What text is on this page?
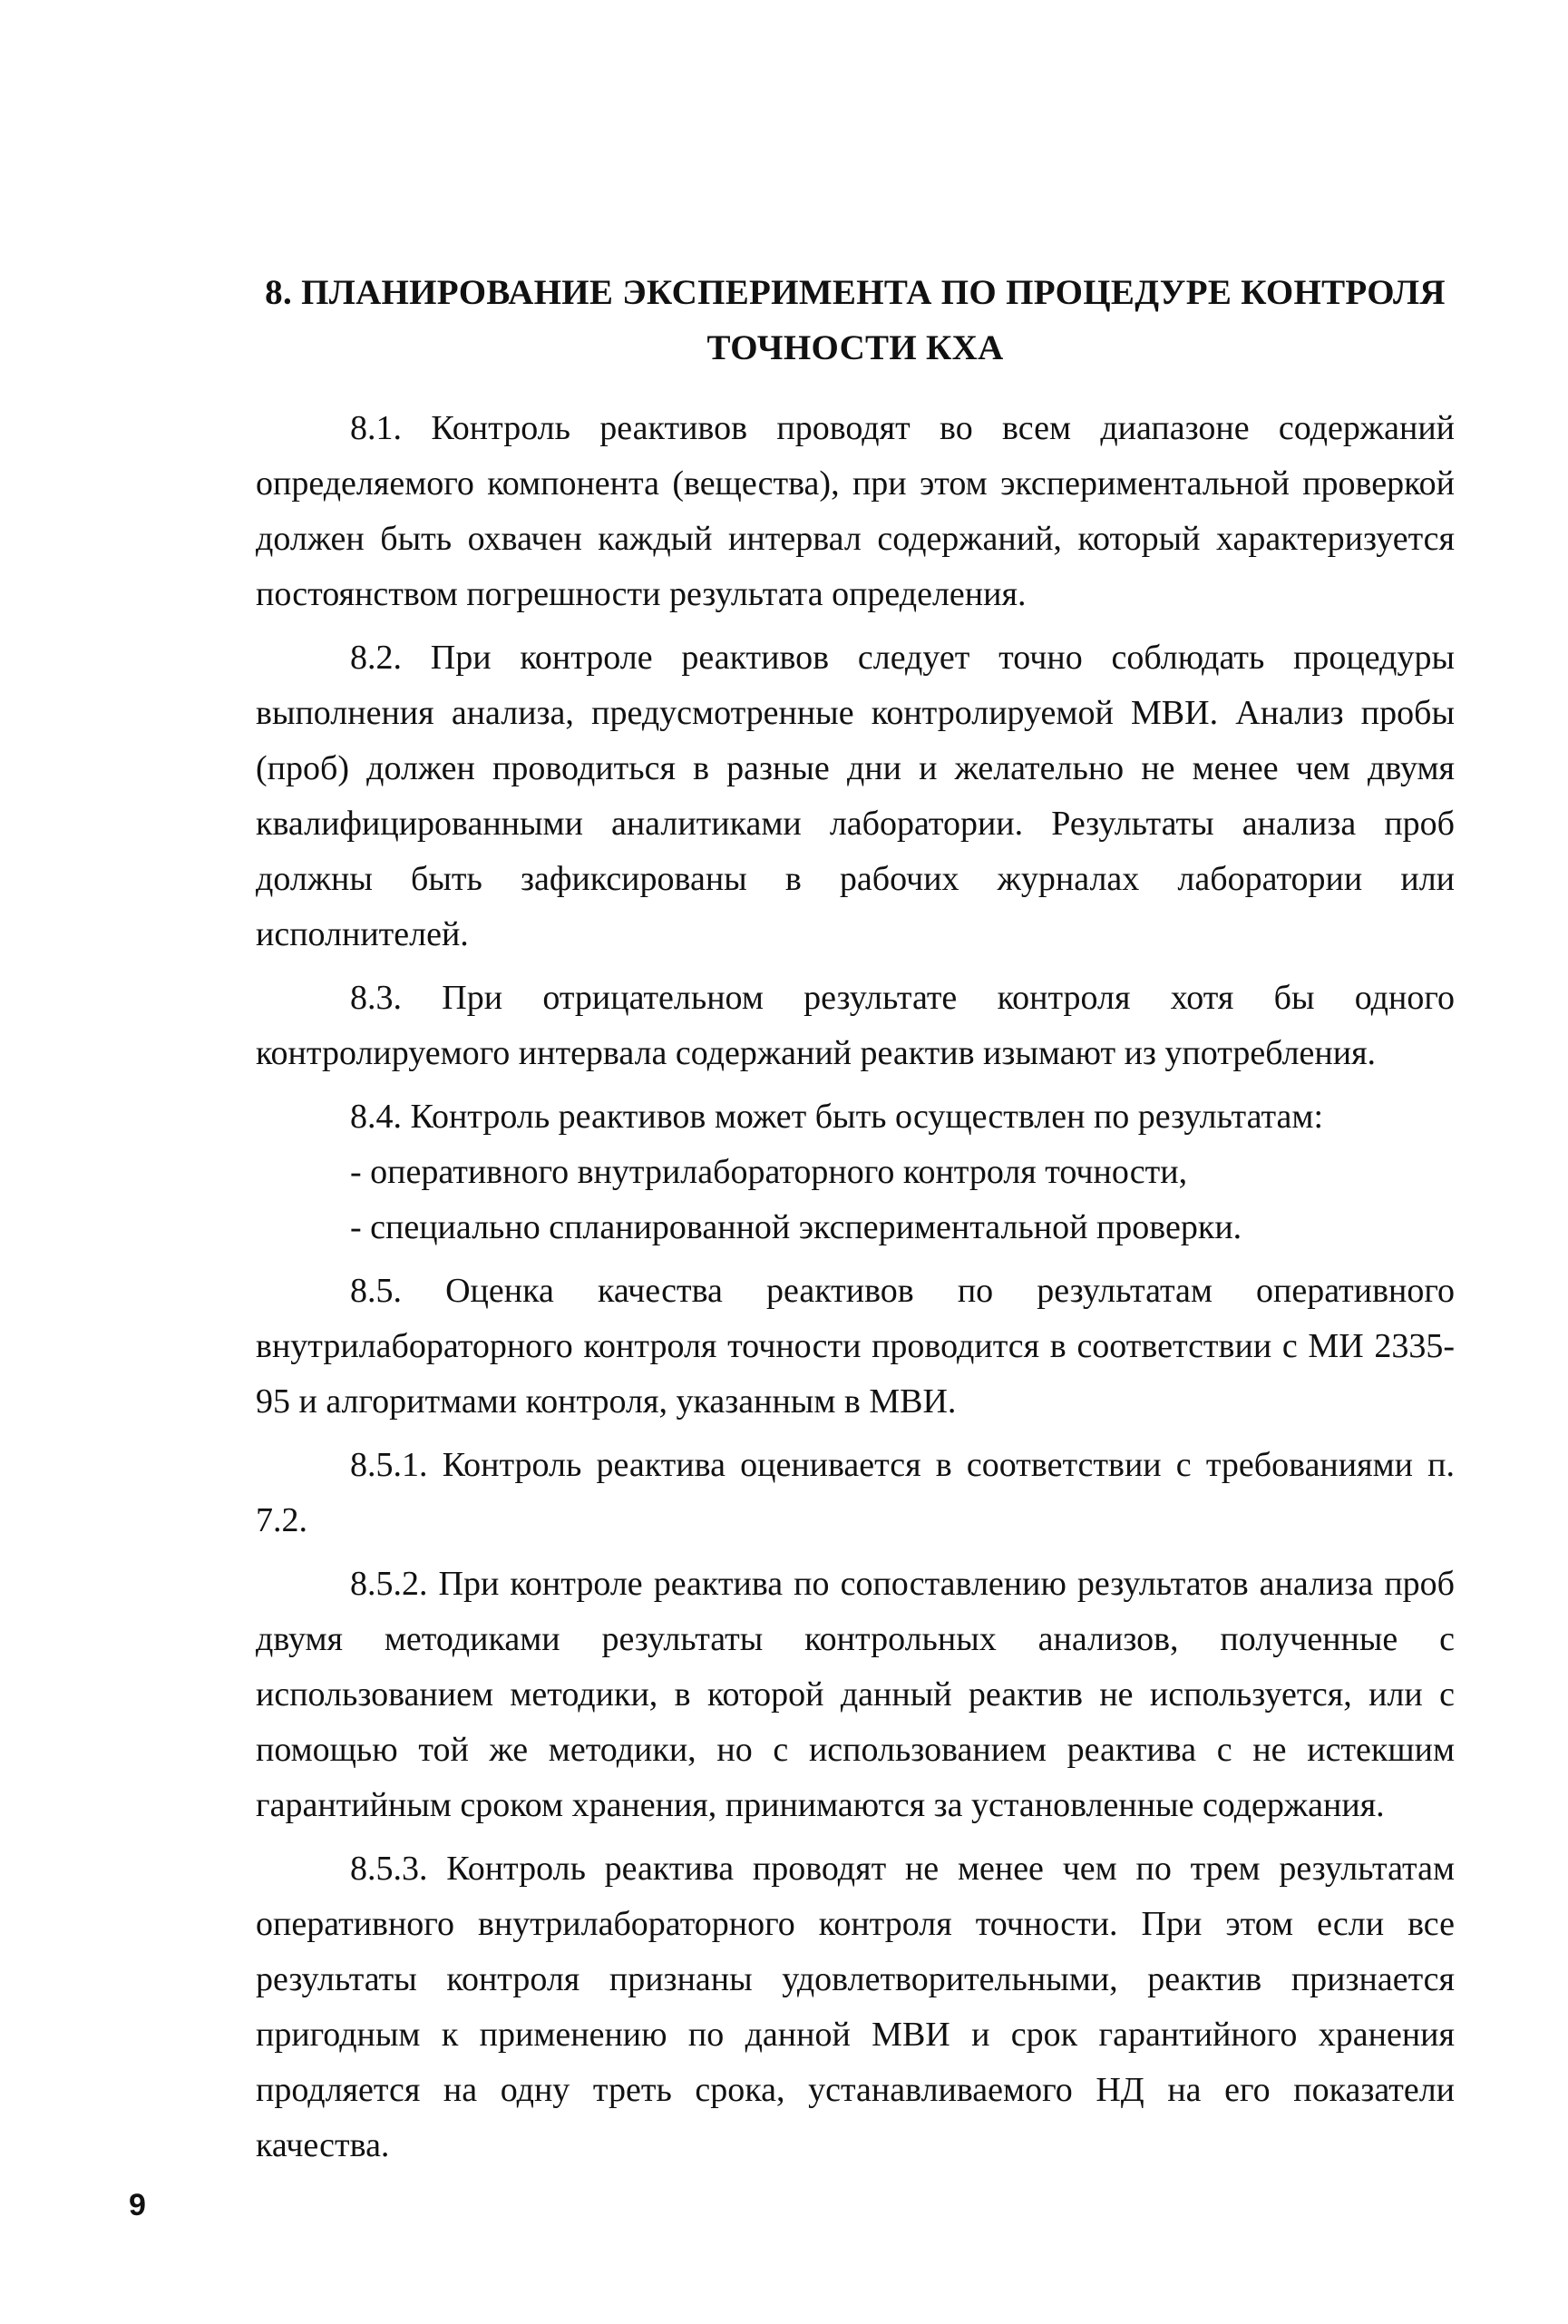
8. ПЛАНИРОВАНИЕ ЭКСПЕРИМЕНТА ПО ПРОЦЕДУРЕ КОНТРОЛЯ
ТОЧНОСТИ КХА

8.1. Контроль реактивов проводят во всем диапазоне содержаний определяемого компонента (вещества), при этом экспериментальной проверкой должен быть охвачен каждый интервал содержаний, который характеризуется постоянством погрешности результата определения.

8.2. При контроле реактивов следует точно соблюдать процедуры выполнения анализа, предусмотренные контролируемой МВИ. Анализ пробы (проб) должен проводиться в разные дни и желательно не менее чем двумя квалифицированными аналитиками лаборатории. Результаты анализа проб должны быть зафиксированы в рабочих журналах лаборатории или исполнителей.

8.3. При отрицательном результате контроля хотя бы одного контролируемого интервала содержаний реактив изымают из употребления.

8.4. Контроль реактивов может быть осуществлен по результатам:

- оперативного внутрилабораторного контроля точности,

- специально спланированной экспериментальной проверки.

8.5. Оценка качества реактивов по результатам оперативного внутрилабораторного контроля точности проводится в соответствии с МИ 2335-95 и алгоритмами контроля, указанным в МВИ.

8.5.1. Контроль реактива оценивается в соответствии с требованиями п. 7.2.

8.5.2. При контроле реактива по сопоставлению результатов анализа проб двумя методиками результаты контрольных анализов, полученные с использованием методики, в которой данный реактив не используется, или с помощью той же методики, но с использованием реактива с не истекшим гарантийным сроком хранения, принимаются за установленные содержания.

8.5.3. Контроль реактива проводят не менее чем по трем результатам оперативного внутрилабораторного контроля точности. При этом если все результаты контроля признаны удовлетворительными, реактив признается пригодным к применению по данной МВИ и срок гарантийного хранения продляется на одну треть срока, устанавливаемого НД на его показатели качества.

9
